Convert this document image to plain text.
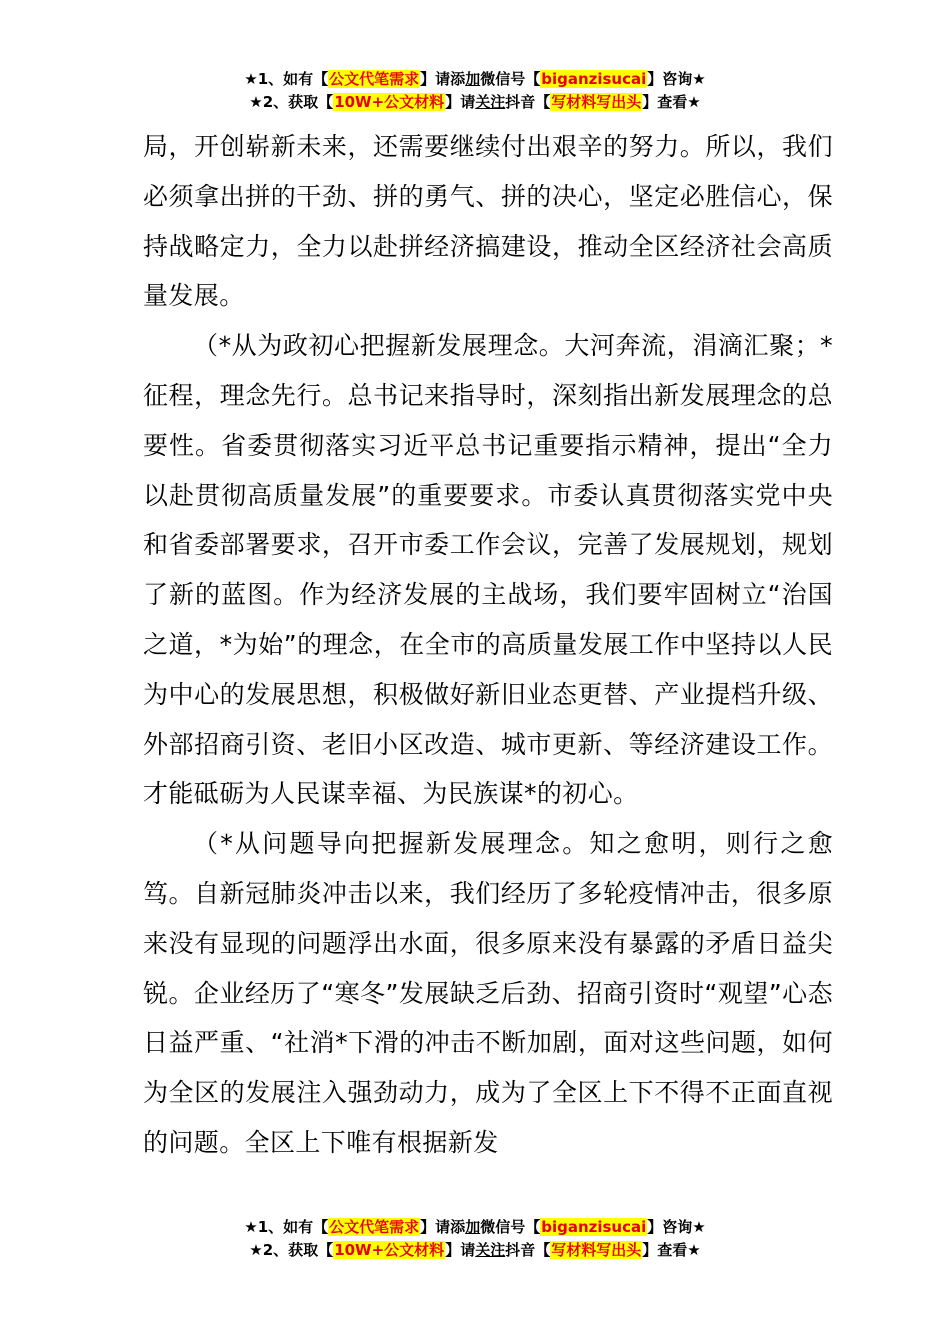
★1、如有【公文代笔需求】请添加微信号【biganzisucai】咨询★
★2、获取【10W+公文材料】请关注抖音【写材料写出头】查看★

局，开创崭新未来，还需要继续付出艰辛的努力。所以，我们必须拿出拼的干劲、拼的勇气、拼的决心，坚定必胜信心，保持战略定力，全力以赴拼经济搞建设，推动全区经济社会高质量发展。

（*从为政初心把握新发展理念。大河奔流，涓滴汇聚；*征程，理念先行。总书记来指导时，深刻指出新发展理念的总要性。省委贯彻落实习近平总书记重要指示精神，提出“全力以赴贯彻高质量发展”的重要要求。市委认真贯彻落实党中央和省委部署要求，召开市委工作会议，完善了发展规划，规划了新的蓝图。作为经济发展的主战场，我们要牢固树立“治国之道，*为始”的理念，在全市的高质量发展工作中坚持以人民为中心的发展思想，积极做好新旧业态更替、产业提档升级、外部招商引资、老旧小区改造、城市更新、等经济建设工作。才能砥砺为人民谋幸福、为民族谋*的初心。

（*从问题导向把握新发展理念。知之愈明，则行之愈笃。自新冠肺炎冲击以来，我们经历了多轮疫情冲击，很多原来没有显现的问题浮出水面，很多原来没有暴露的矛盾日益尖锐。企业经历了“寒冬”发展缺乏后劲、招商引资时“观望”心态日益严重、“社消*下滑的冲击不断加剧，面对这些问题，如何为全区的发展注入强劲动力，成为了全区上下不得不正面直视的问题。全区上下唯有根据新发

★1、如有【公文代笔需求】请添加微信号【biganzisucai】咨询★
★2、获取【10W+公文材料】请关注抖音【写材料写出头】查看★
